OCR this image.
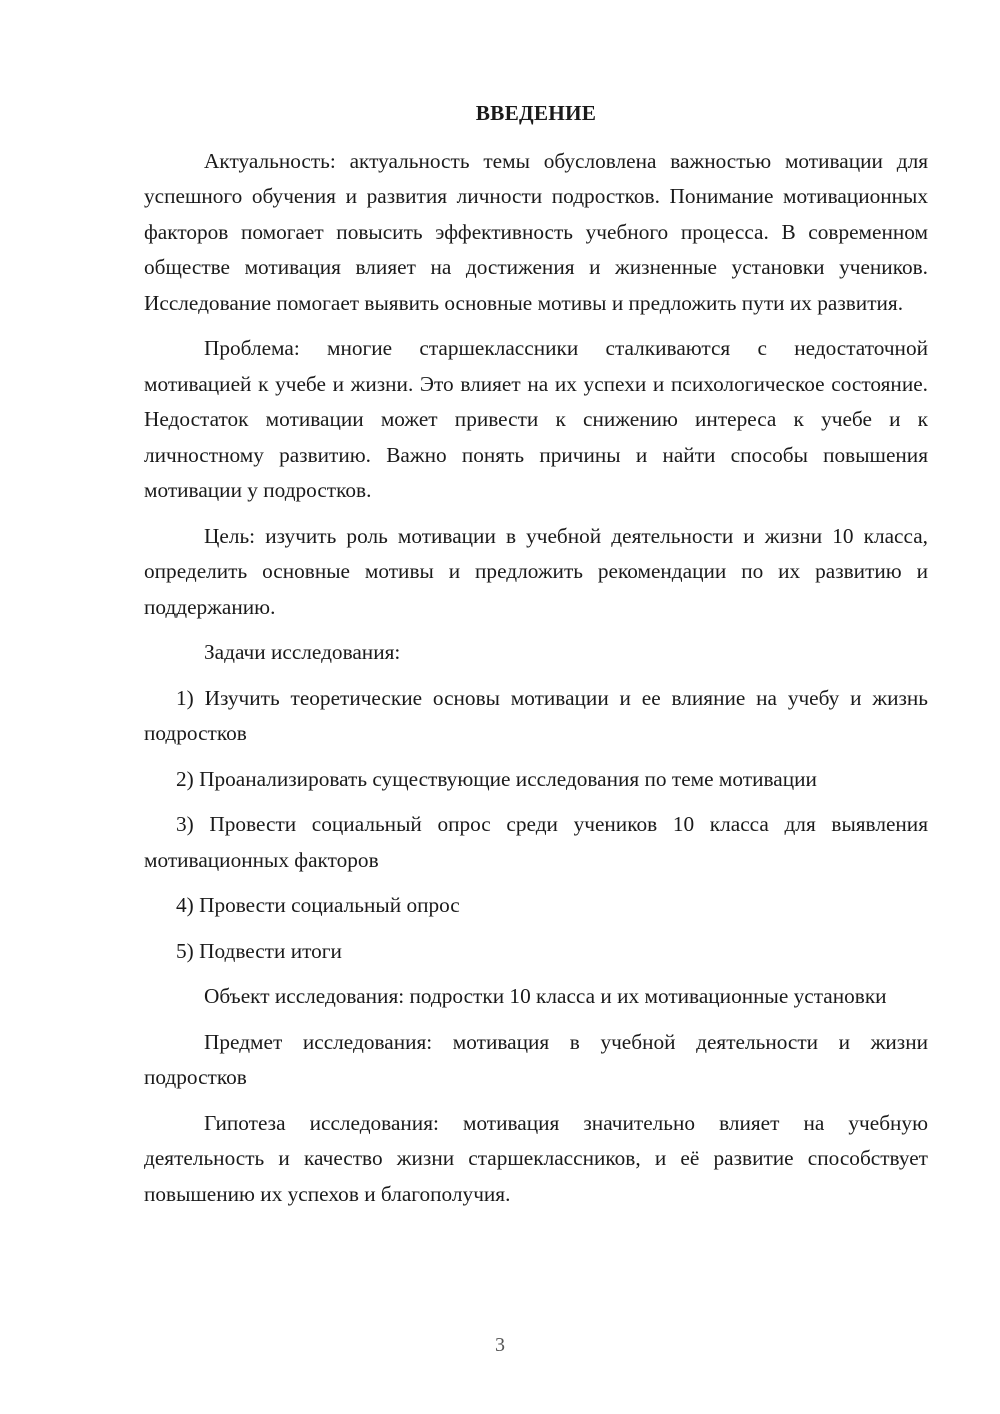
ВВЕДЕНИЕ

Актуальность: актуальность темы обусловлена важностью мотивации для успешного обучения и развития личности подростков. Понимание мотивационных факторов помогает повысить эффективность учебного процесса. В современном обществе мотивация влияет на достижения и жизненные установки учеников. Исследование помогает выявить основные мотивы и предложить пути их развития.

Проблема: многие старшеклассники сталкиваются с недостаточной мотивацией к учебе и жизни. Это влияет на их успехи и психологическое состояние. Недостаток мотивации может привести к снижению интереса к учебе и к личностному развитию. Важно понять причины и найти способы повышения мотивации у подростков.

Цель: изучить роль мотивации в учебной деятельности и жизни 10 класса, определить основные мотивы и предложить рекомендации по их развитию и поддержанию.

Задачи исследования:

1) Изучить теоретические основы мотивации и ее влияние на учебу и жизнь подростков

2) Проанализировать существующие исследования по теме мотивации

3) Провести социальный опрос среди учеников 10 класса для выявления мотивационных факторов

4) Провести социальный опрос

5) Подвести итоги

Объект исследования: подростки 10 класса и их мотивационные установки

Предмет исследования: мотивация в учебной деятельности и жизни подростков

Гипотеза исследования: мотивация значительно влияет на учебную деятельность и качество жизни старшеклассников, и её развитие способствует повышению их успехов и благополучия.

3
